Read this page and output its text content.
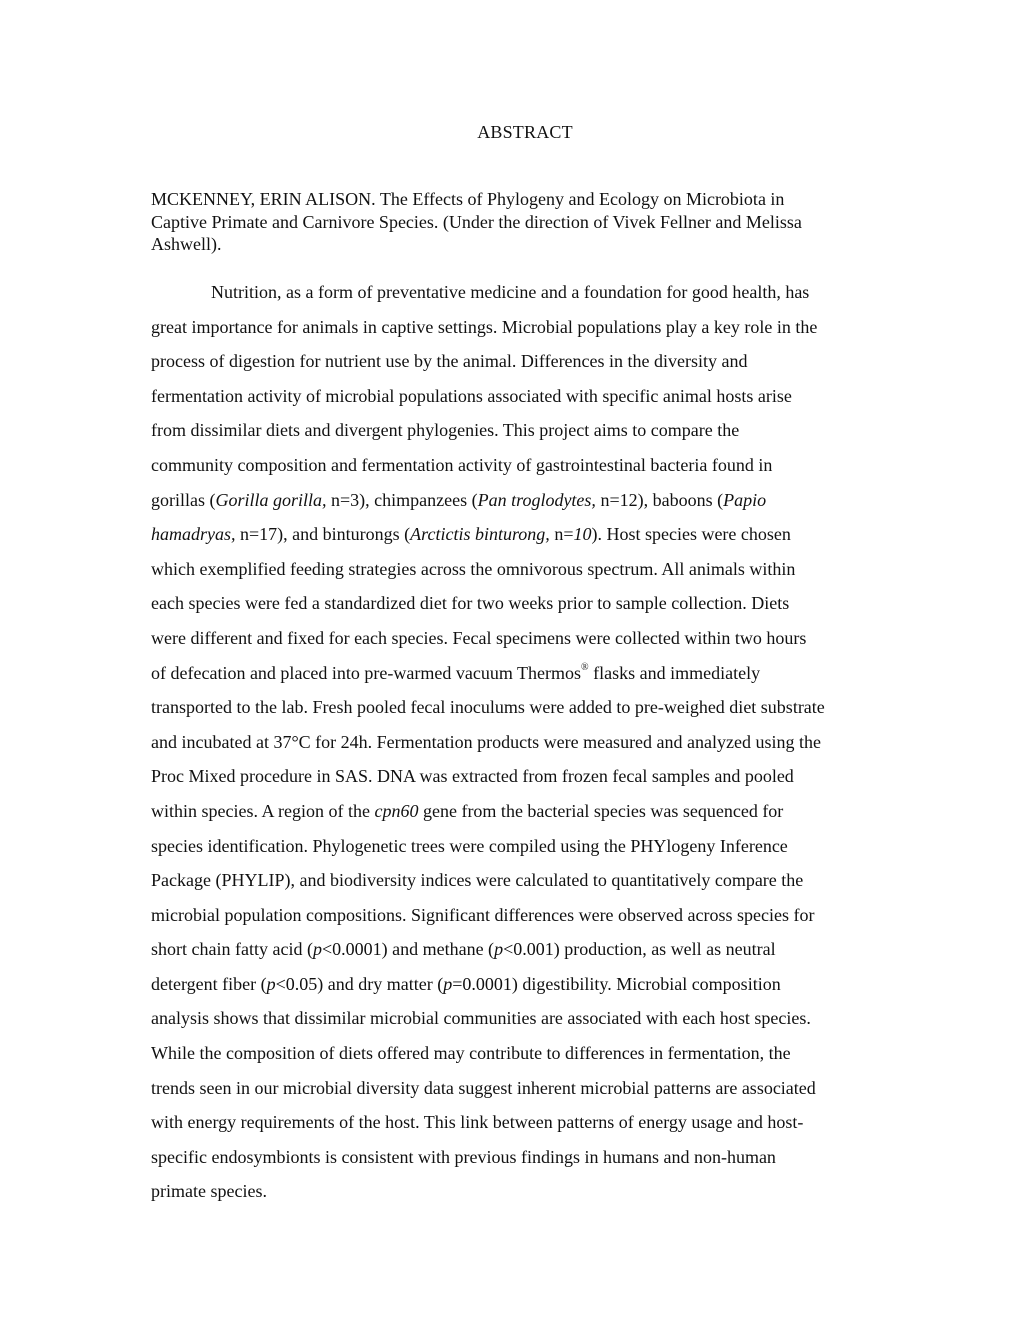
ABSTRACT
MCKENNEY, ERIN ALISON. The Effects of Phylogeny and Ecology on Microbiota in
Captive Primate and Carnivore Species. (Under the direction of Vivek Fellner and Melissa
Ashwell).
Nutrition, as a form of preventative medicine and a foundation for good health, has
great importance for animals in captive settings. Microbial populations play a key role in the
process of digestion for nutrient use by the animal. Differences in the diversity and
fermentation activity of microbial populations associated with specific animal hosts arise
from dissimilar diets and divergent phylogenies. This project aims to compare the
community composition and fermentation activity of gastrointestinal bacteria found in
gorillas (Gorilla gorilla, n=3), chimpanzees (Pan troglodytes, n=12), baboons (Papio
hamadryas, n=17), and binturongs (Arctictis binturong, n=10). Host species were chosen
which exemplified feeding strategies across the omnivorous spectrum. All animals within
each species were fed a standardized diet for two weeks prior to sample collection. Diets
were different and fixed for each species. Fecal specimens were collected within two hours
of defecation and placed into pre-warmed vacuum Thermos® flasks and immediately
transported to the lab. Fresh pooled fecal inoculums were added to pre-weighed diet substrate
and incubated at 37°C for 24h. Fermentation products were measured and analyzed using the
Proc Mixed procedure in SAS. DNA was extracted from frozen fecal samples and pooled
within species. A region of the cpn60 gene from the bacterial species was sequenced for
species identification. Phylogenetic trees were compiled using the PHYlogeny Inference
Package (PHYLIP), and biodiversity indices were calculated to quantitatively compare the
microbial population compositions. Significant differences were observed across species for
short chain fatty acid (p<0.0001) and methane (p<0.001) production, as well as neutral
detergent fiber (p<0.05) and dry matter (p=0.0001) digestibility. Microbial composition
analysis shows that dissimilar microbial communities are associated with each host species.
While the composition of diets offered may contribute to differences in fermentation, the
trends seen in our microbial diversity data suggest inherent microbial patterns are associated
with energy requirements of the host. This link between patterns of energy usage and host-
specific endosymbionts is consistent with previous findings in humans and non-human
primate species.
